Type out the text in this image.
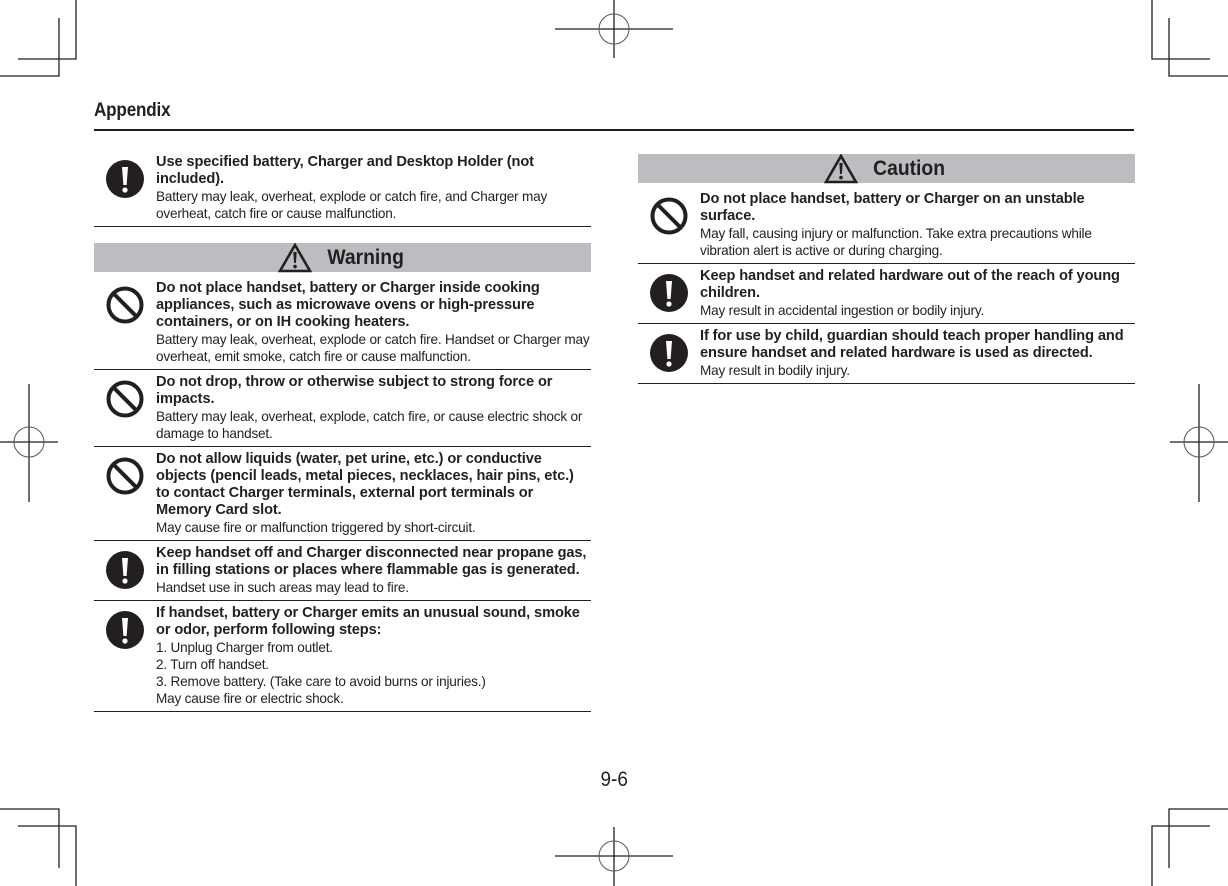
Appendix
Use specified battery, Charger and Desktop Holder (not included).
Battery may leak, overheat, explode or catch fire, and Charger may overheat, catch fire or cause malfunction.
Warning
Do not place handset, battery or Charger inside cooking appliances, such as microwave ovens or high-pressure containers, or on IH cooking heaters.
Battery may leak, overheat, explode or catch fire. Handset or Charger may overheat, emit smoke, catch fire or cause malfunction.
Do not drop, throw or otherwise subject to strong force or impacts.
Battery may leak, overheat, explode, catch fire, or cause electric shock or damage to handset.
Do not allow liquids (water, pet urine, etc.) or conductive objects (pencil leads, metal pieces, necklaces, hair pins, etc.) to contact Charger terminals, external port terminals or Memory Card slot.
May cause fire or malfunction triggered by short-circuit.
Keep handset off and Charger disconnected near propane gas, in filling stations or places where flammable gas is generated.
Handset use in such areas may lead to fire.
If handset, battery or Charger emits an unusual sound, smoke or odor, perform following steps:
1. Unplug Charger from outlet.
2. Turn off handset.
3. Remove battery. (Take care to avoid burns or injuries.)
May cause fire or electric shock.
Caution
Do not place handset, battery or Charger on an unstable surface.
May fall, causing injury or malfunction. Take extra precautions while vibration alert is active or during charging.
Keep handset and related hardware out of the reach of young children.
May result in accidental ingestion or bodily injury.
If for use by child, guardian should teach proper handling and ensure handset and related hardware is used as directed.
May result in bodily injury.
9-6
